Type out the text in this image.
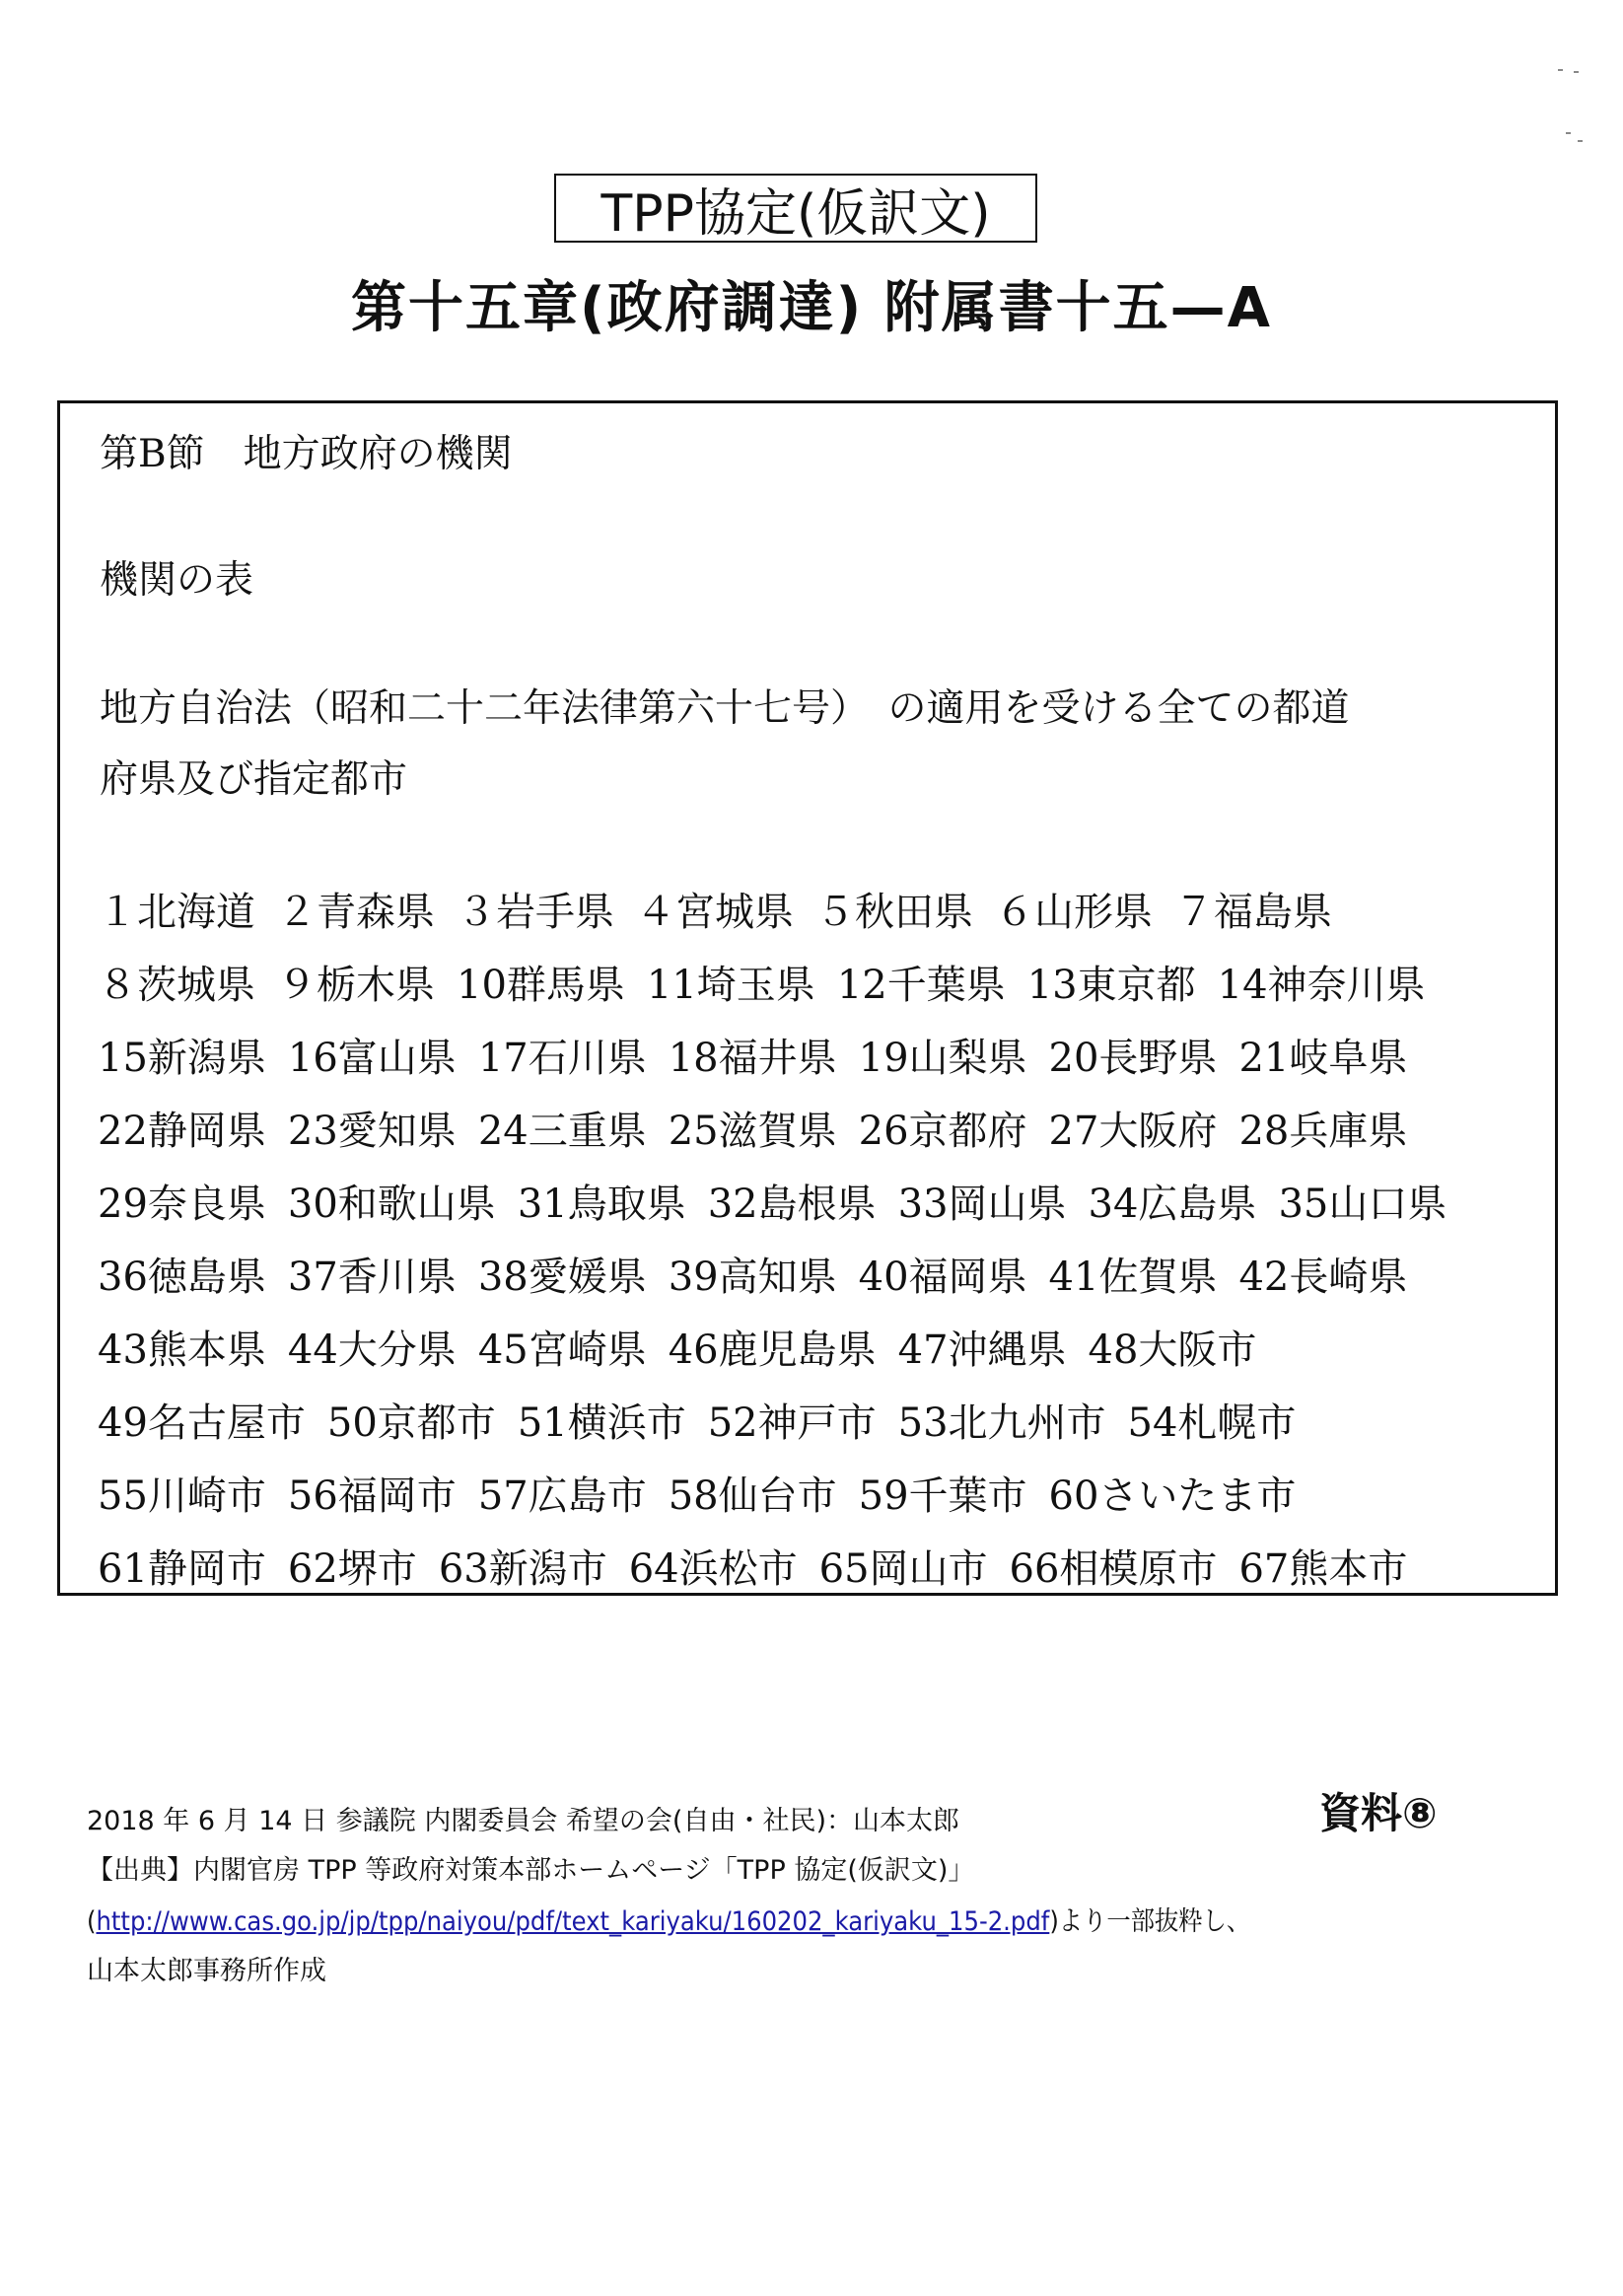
TPP協定(仮訳文)
第十五章(政府調達) 附属書十五—A
第B節　地方政府の機関
機関の表
地方自治法（昭和二十二年法律第六十七号）　の適用を受ける全ての都道
府県及び指定都市
１北海道 ２青森県 ３岩手県 ４宮城県 ５秋田県 ６山形県 ７福島県
８茨城県 ９栃木県 10群馬県 11埼玉県 12千葉県 13東京都 14神奈川県
15新潟県 16富山県 17石川県 18福井県 19山梨県 20長野県 21岐阜県
22静岡県 23愛知県 24三重県 25滋賀県 26京都府 27大阪府 28兵庫県
29奈良県 30和歌山県 31鳥取県 32島根県 33岡山県 34広島県 35山口県
36徳島県 37香川県 38愛媛県 39高知県 40福岡県 41佐賀県 42長崎県
43熊本県 44大分県 45宮崎県 46鹿児島県 47沖縄県 48大阪市
49名古屋市 50京都市 51横浜市 52神戸市 53北九州市 54札幌市
55川崎市 56福岡市 57広島市 58仙台市 59千葉市 60さいたま市
61静岡市 62堺市 63新潟市 64浜松市 65岡山市 66相模原市 67熊本市
2018 年 6 月 14 日 参議院 内閣委員会 希望の会(自由・社民)：山本太郎	資料⑧
【出典】内閣官房 TPP 等政府対策本部ホームページ「TPP 協定(仮訳文)」
(http://www.cas.go.jp/jp/tpp/naiyou/pdf/text_kariyaku/160202_kariyaku_15-2.pdf)より一部抜粋し、
山本太郎事務所作成
